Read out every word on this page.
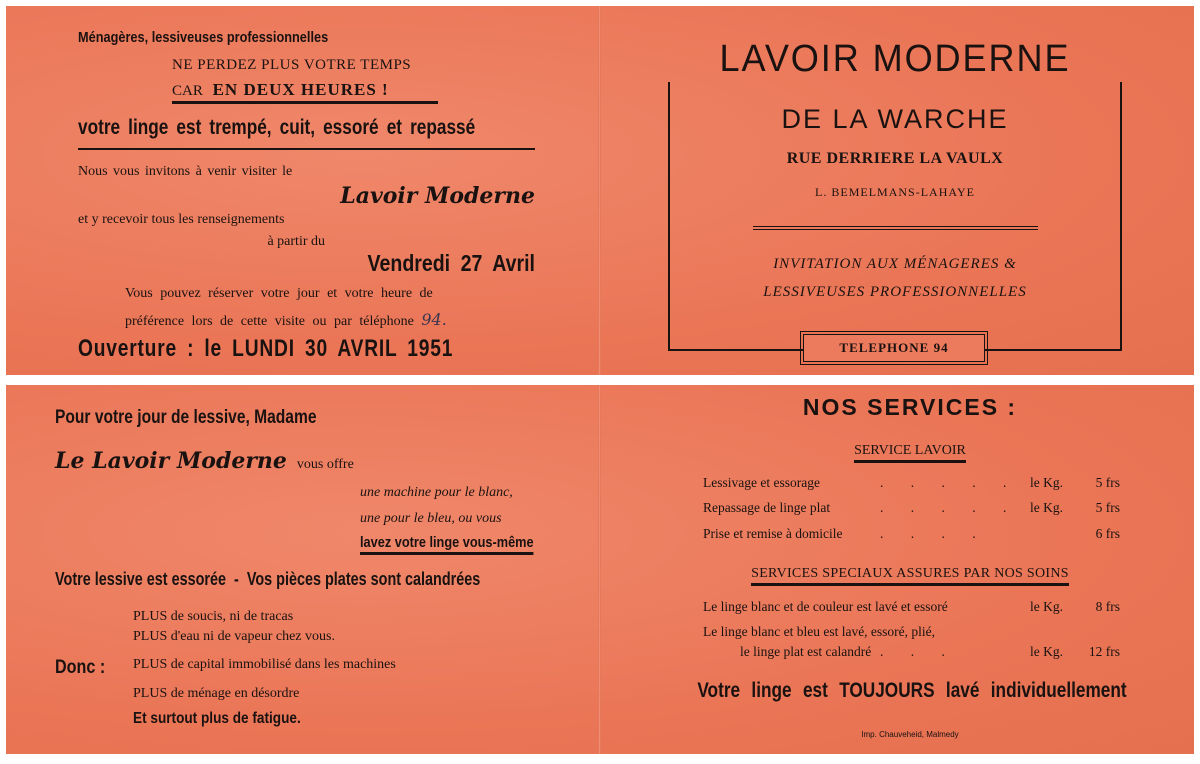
Ménagères, lessiveuses professionnelles
NE PERDEZ PLUS VOTRE TEMPS
CAR EN DEUX HEURES !
votre linge est trempé, cuit, essoré et repassé
Nous vous invitons à venir visiter le
Lavoir Moderne
et y recevoir tous les renseignements
à partir du
Vendredi 27 Avril
Vous pouvez réserver votre jour et votre heure de
préférence lors de cette visite ou par téléphone 94.
Ouverture : le LUNDI 30 AVRIL 1951
LAVOIR MODERNE
DE LA WARCHE
RUE DERRIERE LA VAULX
L. BEMELMANS-LAHAYE
INVITATION AUX MÉNAGERES &
LESSIVEUSES PROFESSIONNELLES
TELEPHONE 94
Pour votre jour de lessive, Madame
Le Lavoir Moderne vous offre
une machine pour le blanc,
une pour le bleu, ou vous
lavez votre linge vous-même
Votre lessive est essorée  -  Vos pièces plates sont calandrées
PLUS de soucis, ni de tracas
PLUS d'eau ni de vapeur chez vous.
Donc : PLUS de capital immobilisé dans les machines
PLUS de ménage en désordre
Et surtout plus de fatigue.
NOS SERVICES :
SERVICE LAVOIR
Lessivage et essorage	. . . . . le Kg. 5 frs
Repassage de linge plat	. . . . . le Kg. 5 frs
Prise et remise à domicile	. . . .	6 frs
SERVICES SPECIAUX ASSURES PAR NOS SOINS
Le linge blanc et de couleur est lavé et essoré	le Kg. 8 frs
Le linge blanc et bleu est lavé, essoré, plié,
le linge plat est calandré . . .	le Kg. 12 frs
Votre linge est TOUJOURS lavé individuellement
Imp. Chauveheid, Malmedy
